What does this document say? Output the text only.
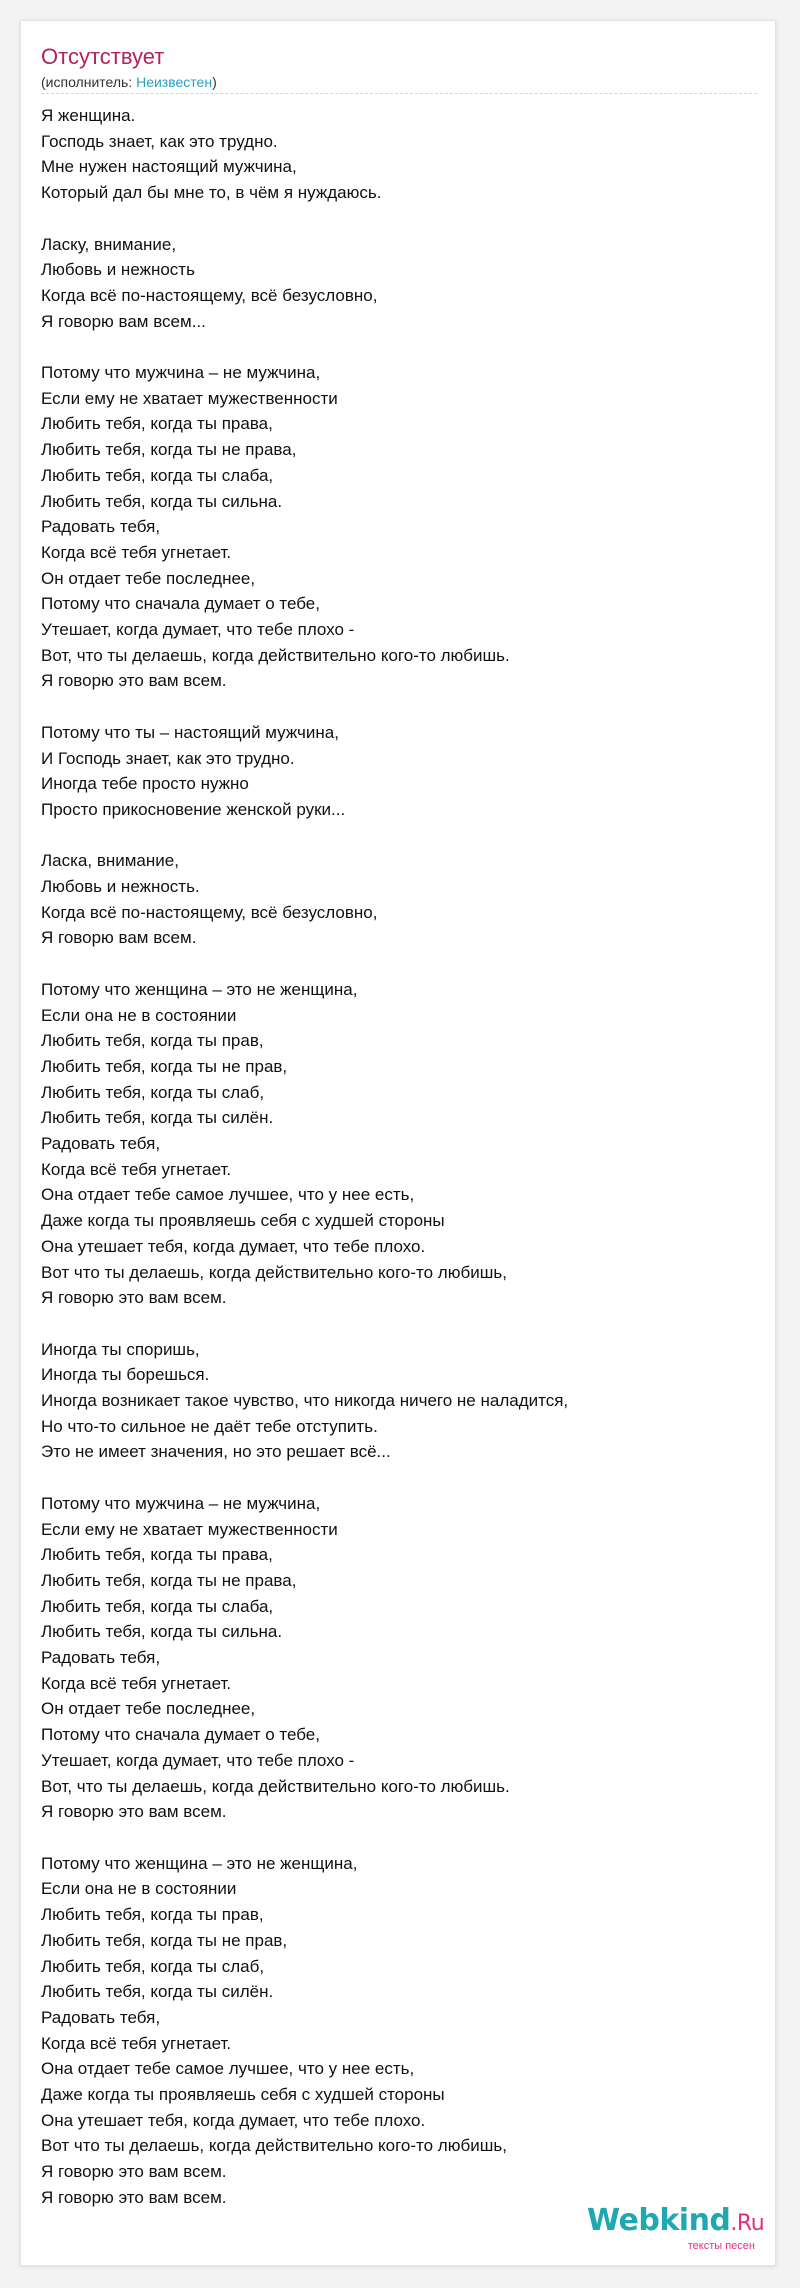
Отсутствует
(исполнитель: Неизвестен)
Я женщина.
Господь знает, как это трудно.
Мне нужен настоящий мужчина,
Который дал бы мне то, в чём я нуждаюсь.
Ласку, внимание,
Любовь и нежность
Когда всё по-настоящему, всё безусловно,
Я говорю вам всем...
Потому что мужчина – не мужчина,
Если ему не хватает мужественности
Любить тебя, когда ты права,
Любить тебя, когда ты не права,
Любить тебя, когда ты слаба,
Любить тебя, когда ты сильна.
Радовать тебя,
Когда всё тебя угнетает.
Он отдает тебе последнее,
Потому что сначала думает о тебе,
Утешает, когда думает, что тебе плохо -
Вот, что ты делаешь, когда действительно кого-то любишь.
Я говорю это вам всем.
Потому что ты – настоящий мужчина,
И Господь знает, как это трудно.
Иногда тебе просто нужно
Просто прикосновение женской руки...
Ласка, внимание,
Любовь и нежность.
Когда всё по-настоящему, всё безусловно,
Я говорю вам всем.
Потому что женщина – это не женщина,
Если она не в состоянии
Любить тебя, когда ты прав,
Любить тебя, когда ты не прав,
Любить тебя, когда ты слаб,
Любить тебя, когда ты силён.
Радовать тебя,
Когда всё тебя угнетает.
Она отдает тебе самое лучшее, что у нее есть,
Даже когда ты проявляешь себя с худшей стороны
Она утешает тебя, когда думает, что тебе плохо.
Вот что ты делаешь, когда действительно кого-то любишь,
Я говорю это вам всем.
Иногда ты споришь,
Иногда ты борешься.
Иногда возникает такое чувство, что никогда ничего не наладится,
Но что-то сильное не даёт тебе отступить.
Это не имеет значения, но это решает всё...
Потому что мужчина – не мужчина,
Если ему не хватает мужественности
Любить тебя, когда ты права,
Любить тебя, когда ты не права,
Любить тебя, когда ты слаба,
Любить тебя, когда ты сильна.
Радовать тебя,
Когда всё тебя угнетает.
Он отдает тебе последнее,
Потому что сначала думает о тебе,
Утешает, когда думает, что тебе плохо -
Вот, что ты делаешь, когда действительно кого-то любишь.
Я говорю это вам всем.
Потому что женщина – это не женщина,
Если она не в состоянии
Любить тебя, когда ты прав,
Любить тебя, когда ты не прав,
Любить тебя, когда ты слаб,
Любить тебя, когда ты силён.
Радовать тебя,
Когда всё тебя угнетает.
Она отдает тебе самое лучшее, что у нее есть,
Даже когда ты проявляешь себя с худшей стороны
Она утешает тебя, когда думает, что тебе плохо.
Вот что ты делаешь, когда действительно кого-то любишь,
Я говорю это вам всем.
Я говорю это вам всем.
Webkind.Ru
тексты песен
